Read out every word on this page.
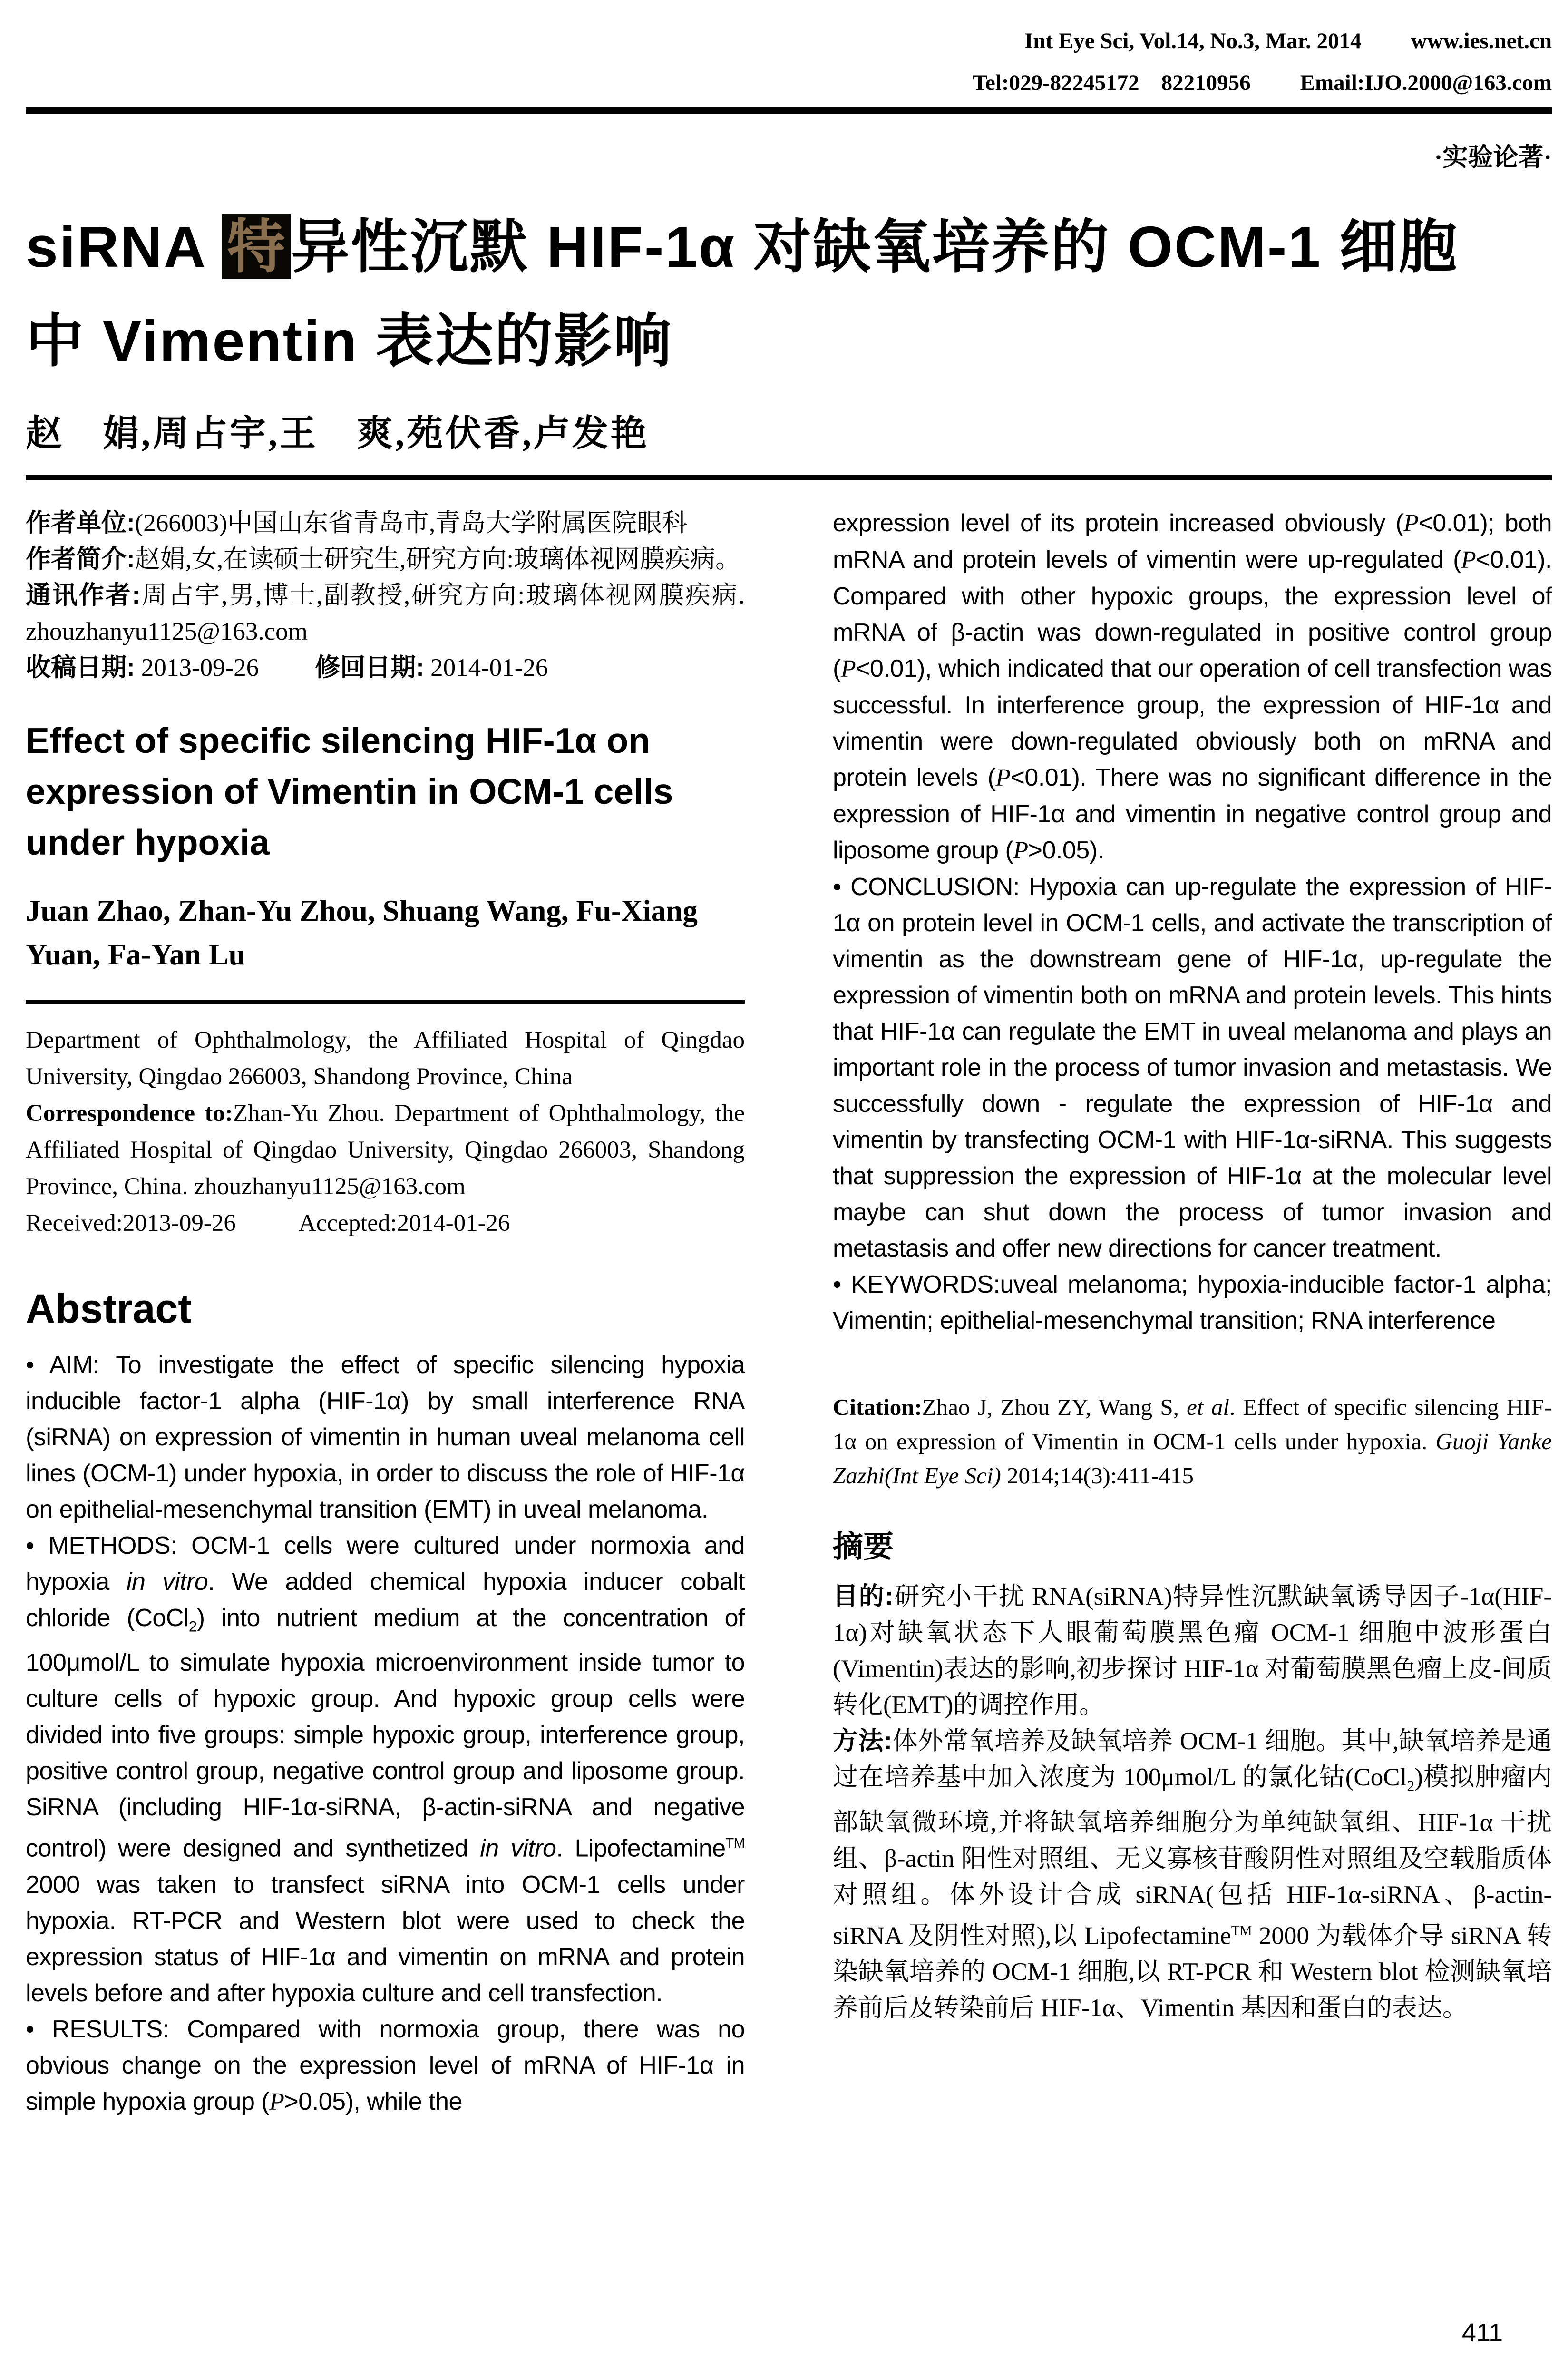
Int Eye Sci, Vol.14, No.3, Mar. 2014 www.ies.net.cn
Tel:029-82245172 82210956 Email:IJO.2000@163.com
·实验论著·
siRNA 特异性沉默 HIF-1α 对缺氧培养的 OCM-1 细胞
中 Vimentin 表达的影响
赵　娟,周占宇,王　爽,苑伏香,卢发艳
作者单位:(266003)中国山东省青岛市,青岛大学附属医院眼科
作者简介:赵娟,女,在读硕士研究生,研究方向:玻璃体视网膜疾病。
通讯作者:周占宇,男,博士,副教授,研究方向:玻璃体视网膜疾病. zhouzhanyu1125@163.com
收稿日期: 2013-09-26 修回日期: 2014-01-26
Effect of specific silencing HIF-1α on expression of Vimentin in OCM-1 cells under hypoxia
Juan Zhao, Zhan-Yu Zhou, Shuang Wang, Fu-Xiang Yuan, Fa-Yan Lu
Department of Ophthalmology, the Affiliated Hospital of Qingdao University, Qingdao 266003, Shandong Province, China
Correspondence to:Zhan-Yu Zhou. Department of Ophthalmology, the Affiliated Hospital of Qingdao University, Qingdao 266003, Shandong Province, China. zhouzhanyu1125@163.com
Received:2013-09-26	Accepted:2014-01-26
Abstract
• AIM: To investigate the effect of specific silencing hypoxia inducible factor-1 alpha (HIF-1α) by small interference RNA (siRNA) on expression of vimentin in human uveal melanoma cell lines (OCM-1) under hypoxia, in order to discuss the role of HIF-1α on epithelial-mesenchymal transition (EMT) in uveal melanoma.
• METHODS: OCM-1 cells were cultured under normoxia and hypoxia in vitro. We added chemical hypoxia inducer cobalt chloride (CoCl$_2$) into nutrient medium at the concentration of 100μmol/L to simulate hypoxia microenvironment inside tumor to culture cells of hypoxic group. And hypoxic group cells were divided into five groups: simple hypoxic group, interference group, positive control group, negative control group and liposome group. SiRNA (including HIF-1α-siRNA, β-actin-siRNA and negative control) were designed and synthetized in vitro. Lipofectamine™ 2000 was taken to transfect siRNA into OCM-1 cells under hypoxia. RT-PCR and Western blot were used to check the expression status of HIF-1α and vimentin on mRNA and protein levels before and after hypoxia culture and cell transfection.
• RESULTS: Compared with normoxia group, there was no obvious change on the expression level of mRNA of HIF-1α in simple hypoxia group (P>0.05), while the
expression level of its protein increased obviously (P<0.01); both mRNA and protein levels of vimentin were up-regulated (P<0.01). Compared with other hypoxic groups, the expression level of mRNA of β-actin was down-regulated in positive control group (P<0.01), which indicated that our operation of cell transfection was successful. In interference group, the expression of HIF-1α and vimentin were down-regulated obviously both on mRNA and protein levels (P<0.01). There was no significant difference in the expression of HIF-1α and vimentin in negative control group and liposome group (P>0.05).
• CONCLUSION: Hypoxia can up-regulate the expression of HIF-1α on protein level in OCM-1 cells, and activate the transcription of vimentin as the downstream gene of HIF-1α, up-regulate the expression of vimentin both on mRNA and protein levels. This hints that HIF-1α can regulate the EMT in uveal melanoma and plays an important role in the process of tumor invasion and metastasis. We successfully down - regulate the expression of HIF-1α and vimentin by transfecting OCM-1 with HIF-1α-siRNA. This suggests that suppression the expression of HIF-1α at the molecular level maybe can shut down the process of tumor invasion and metastasis and offer new directions for cancer treatment.
• KEYWORDS:uveal melanoma; hypoxia-inducible factor-1 alpha; Vimentin; epithelial-mesenchymal transition; RNA interference
Citation:Zhao J, Zhou ZY, Wang S, et al. Effect of specific silencing HIF-1α on expression of Vimentin in OCM-1 cells under hypoxia. Guoji Yanke Zazhi(Int Eye Sci) 2014;14(3):411-415
摘要
目的:研究小干扰 RNA(siRNA)特异性沉默缺氧诱导因子-1α(HIF-1α)对缺氧状态下人眼葡萄膜黑色瘤 OCM-1 细胞中波形蛋白(Vimentin)表达的影响,初步探讨 HIF-1α 对葡萄膜黑色瘤上皮-间质转化(EMT)的调控作用。
方法:体外常氧培养及缺氧培养 OCM-1 细胞。其中,缺氧培养是通过在培养基中加入浓度为 100μmol/L 的氯化钴(CoCl$_2$)模拟肿瘤内部缺氧微环境,并将缺氧培养细胞分为单纯缺氧组、HIF-1α 干扰组、β-actin 阳性对照组、无义寡核苷酸阴性对照组及空载脂质体对照组。体外设计合成 siRNA(包括 HIF-1α-siRNA、β-actin-siRNA 及阴性对照),以 Lipofectamine™ 2000 为载体介导 siRNA 转染缺氧培养的 OCM-1 细胞,以 RT-PCR 和 Western blot 检测缺氧培养前后及转染前后 HIF-1α、Vimentin 基因和蛋白的表达。
411
